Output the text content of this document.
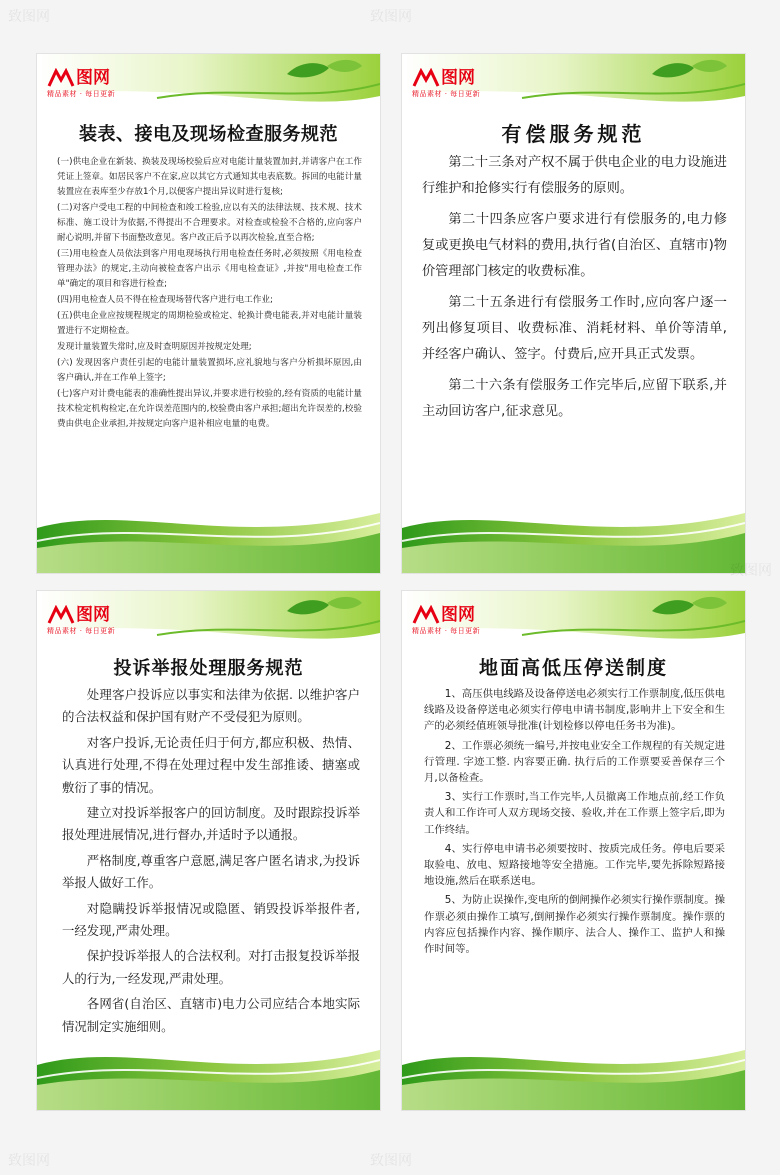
图网
精品素材 · 每日更新
装表、接电及现场检查服务规范

(一)供电企业在新装、换装及现场校验后应对电能计量装置加封,并请客户在工作凭证上签章。如居民客户不在家,应以其它方式通知其电表底数。拆回的电能计量装置应在表库至少存放1个月,以便客户提出异议时进行复核;

(二)对客户受电工程的中间检查和竣工检验,应以有关的法律法规、技术规、技术标准、施工设计为依据,不得提出不合理要求。对检查或检验不合格的,应向客户耐心说明,并留下书面整改意见。客户改正后予以再次检验,直至合格;

(三)用电检查人员依法到客户用电现场执行用电检查任务时,必须按照《用电检查管理办法》的规定,主动向被检查客户出示《用电检查证》,并按"用电检查工作单"确定的项目和容进行检查;

(四)用电检查人员不得在检查现场替代客户进行电工作业;

(五)供电企业应按规程规定的周期检验或检定、轮换计费电能表,并对电能计量装置进行不定期检查。

发现计量装置失常时,应及时查明原因并按规定处理;

(六) 发现因客户责任引起的电能计量装置损坏,应礼貌地与客户分析损坏原因,由客户确认,并在工作单上签字;

(七)客户对计费电能表的准确性提出异议,并要求进行校验的,经有资质的电能计量技术检定机构检定,在允许误差范围内的,校验费由客户承担;超出允许误差的,校验费由供电企业承担,并按规定向客户退补相应电量的电费。

图网
精品素材 · 每日更新
有偿服务规范

第二十三条对产权不属于供电企业的电力设施进行维护和抢修实行有偿服务的原则。

第二十四条应客户要求进行有偿服务的,电力修复或更换电气材料的费用,执行省(自治区、直辖市)物价管理部门核定的收费标准。

第二十五条进行有偿服务工作时,应向客户逐一列出修复项目、收费标准、消耗材料、单价等清单,并经客户确认、签字。付费后,应开具正式发票。

第二十六条有偿服务工作完毕后,应留下联系,并主动回访客户,征求意见。

图网
精品素材 · 每日更新
投诉举报处理服务规范

处理客户投诉应以事实和法律为依据. 以维护客户的合法权益和保护国有财产不受侵犯为原则。

对客户投诉,无论责任归于何方,都应积极、热情、认真进行处理,不得在处理过程中发生部推诿、搪塞或敷衍了事的情况。

建立对投诉举报客户的回访制度。及时跟踪投诉举报处理进展情况,进行督办,并适时予以通报。

严格制度,尊重客户意愿,满足客户匿名请求,为投诉举报人做好工作。

对隐瞒投诉举报情况或隐匿、销毁投诉举报件者,一经发现,严肃处理。

保护投诉举报人的合法权利。对打击报复投诉举报人的行为,一经发现,严肃处理。

各网省(自治区、直辖市)电力公司应结合本地实际情况制定实施细则。

图网
精品素材 · 每日更新
地面高低压停送制度

1、高压供电线路及设备停送电必须实行工作票制度,低压供电线路及设备停送电必须实行停电申请书制度,影响井上下安全和生产的必须经值班领导批准(计划检修以停电任务书为准)。

2、工作票必须统一编号,并按电业安全工作规程的有关规定进行管理. 字迹工整. 内容要正确. 执行后的工作票要妥善保存三个月,以备检查。

3、实行工作票时,当工作完毕,人员撤离工作地点前,经工作负责人和工作许可人双方现场交接、验收,并在工作票上签字后,即为工作终结。

4、实行停电申请书必须要按时、按质完成任务。停电后要采取验电、放电、短路接地等安全措施。工作完毕,要先拆除短路接地设施,然后在联系送电。

5、为防止误操作,变电所的倒闸操作必须实行操作票制度。操作票必须由操作工填写,倒闸操作必须实行操作票制度。操作票的内容应包括操作内容、操作顺序、法合人、操作工、监护人和操作时间等。

致图网	致图网
致图网
致图网	致图网
